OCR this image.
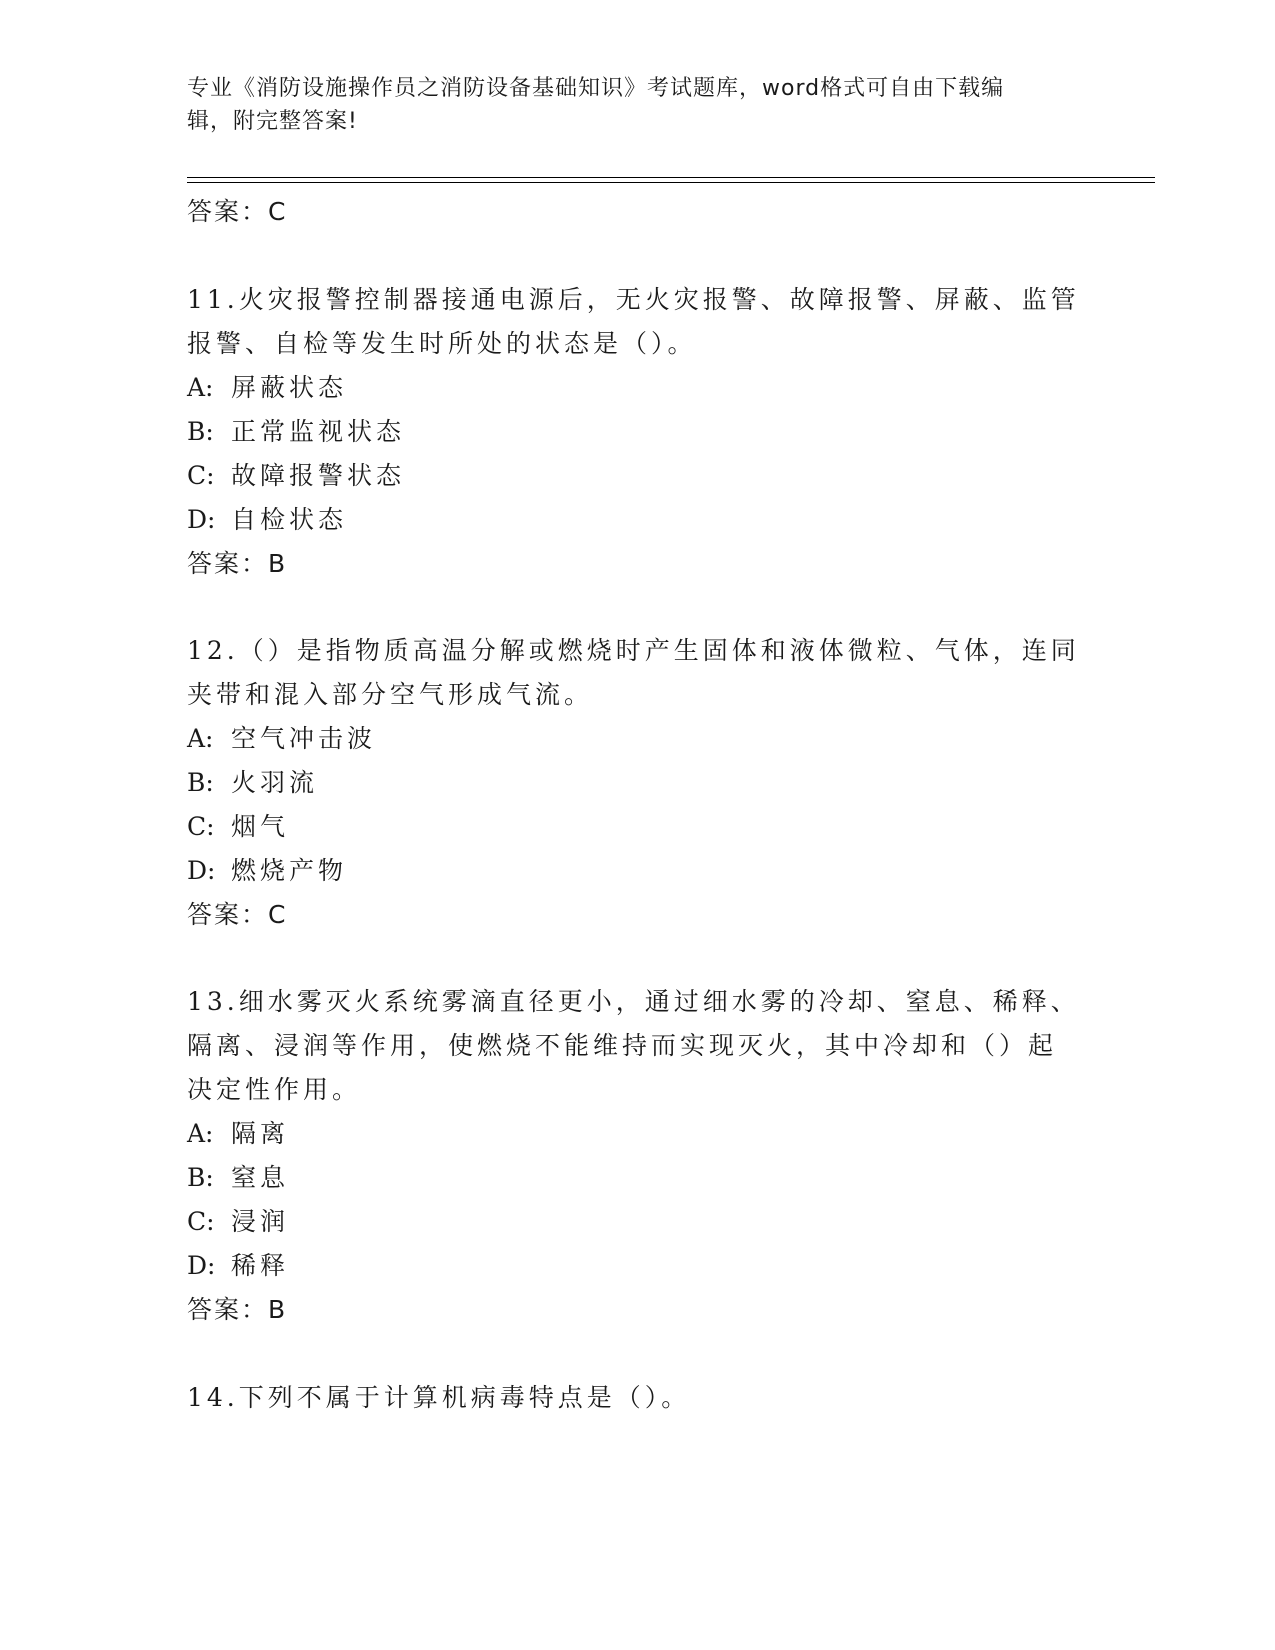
专业《消防设施操作员之消防设备基础知识》考试题库，word格式可自由下载编
辑，附完整答案!
答案：C
11.火灾报警控制器接通电源后，无火灾报警、故障报警、屏蔽、监管
报警、自检等发生时所处的状态是（）。
A: 屏蔽状态
B: 正常监视状态
C: 故障报警状态
D: 自检状态
答案：B
12.（）是指物质高温分解或燃烧时产生固体和液体微粒、气体，连同
夹带和混入部分空气形成气流。
A: 空气冲击波
B: 火羽流
C: 烟气
D: 燃烧产物
答案：C
13.细水雾灭火系统雾滴直径更小，通过细水雾的冷却、窒息、稀释、
隔离、浸润等作用，使燃烧不能维持而实现灭火，其中冷却和（）起
决定性作用。
A: 隔离
B: 窒息
C: 浸润
D: 稀释
答案：B
14.下列不属于计算机病毒特点是（）。
